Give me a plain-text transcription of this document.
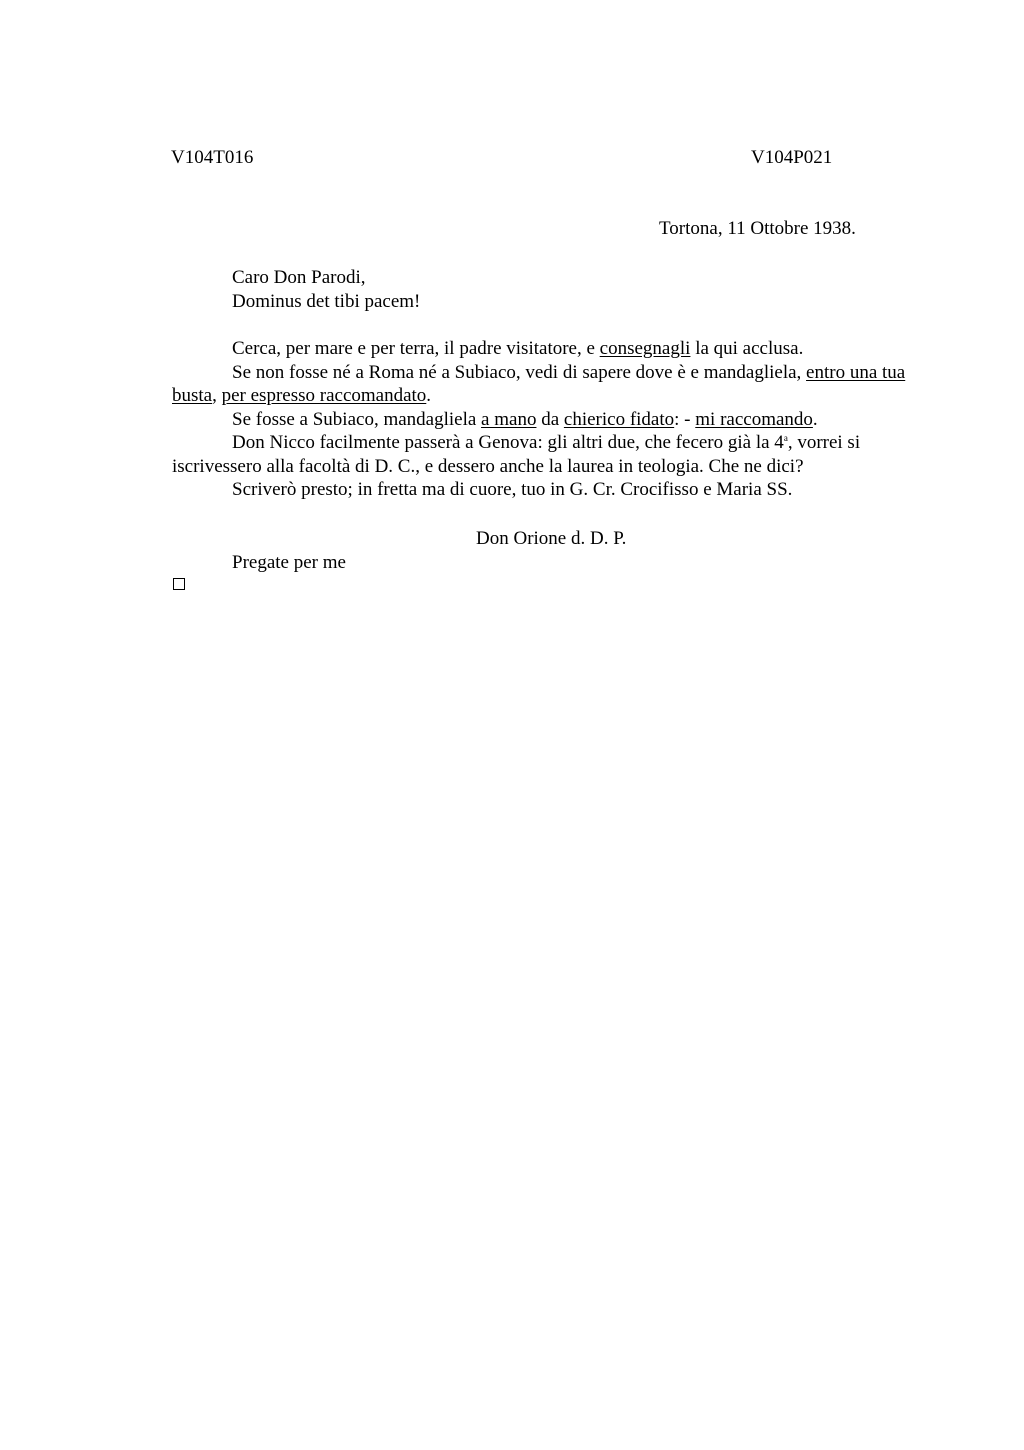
V104T016	V104P021
Tortona, 11 Ottobre 1938.
Caro Don Parodi,
Dominus det tibi pacem!

Cerca, per mare e per terra, il padre visitatore, e consegnagli la qui acclusa.

Se non fosse né a Roma né a Subiaco, vedi di sapere dove è e mandagliela, entro una tua busta, per espresso raccomandato.

Se fosse a Subiaco, mandagliela a mano da chierico fidato: - mi raccomando.

Don Nicco facilmente passerà a Genova: gli altri due, che fecero già la 4$^a$, vorrei si iscrivessero alla facoltà di D. C., e dessero anche la laurea in teologia. Che ne dici?

Scriverò presto; in fretta ma di cuore, tuo in G. Cr. Crocifisso e Maria SS.

Don Orione d. D. P.
Pregate per me
